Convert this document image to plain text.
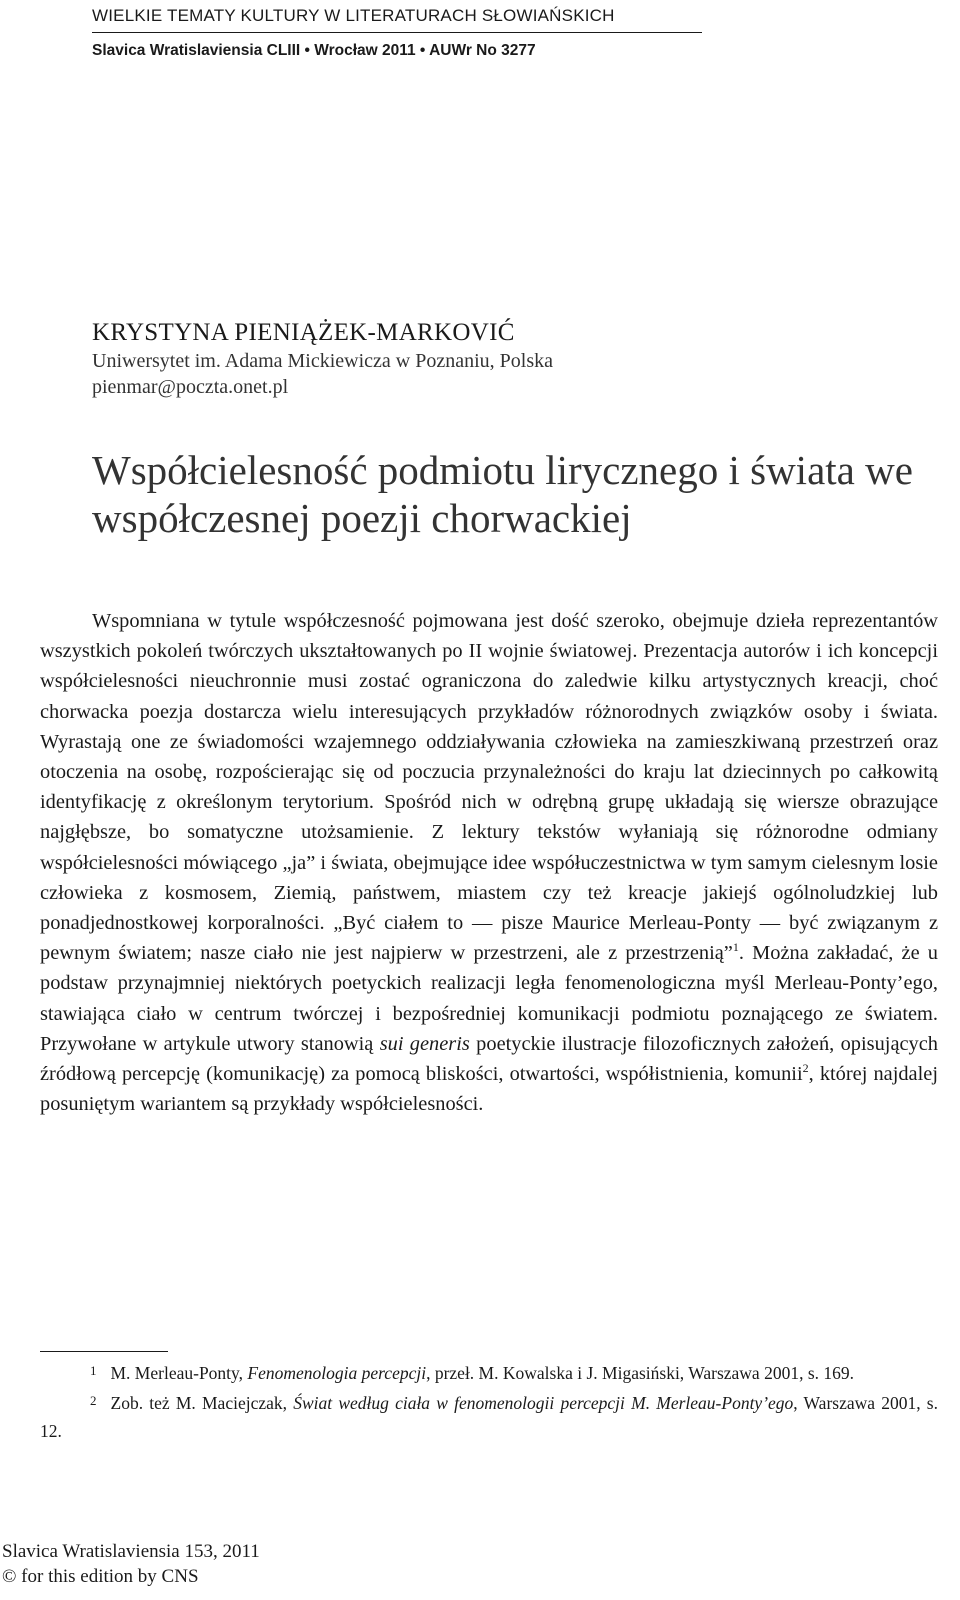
WIELKIE TEMATY KULTURY W LITERATURACH SŁOWIAŃSKICH
Slavica Wratislaviensia CLIII • Wrocław 2011 • AUWr No 3277
KRYSTYNA PIENIĄŻEK-MARKOVIĆ
Uniwersytet im. Adama Mickiewicza w Poznaniu, Polska
pienmar@poczta.onet.pl
Współcielesność podmiotu lirycznego i świata we współczesnej poezji chorwackiej

Wspomniana w tytule współczesność pojmowana jest dość szeroko, obejmuje dzieła reprezentantów wszystkich pokoleń twórczych ukształtowanych po II wojnie światowej. Prezentacja autorów i ich koncepcji współcielesności nieuchronnie musi zostać ograniczona do zaledwie kilku artystycznych kreacji, choć chorwacka poezja dostarcza wielu interesujących przykładów różnorodnych związków osoby i świata. Wyrastają one ze świadomości wzajemnego oddziaływania człowieka na zamieszkiwaną przestrzeń oraz otoczenia na osobę, rozpościerając się od poczucia przynależności do kraju lat dziecinnych po całkowitą identyfikację z określonym terytorium. Spośród nich w odrębną grupę układają się wiersze obrazujące najgłębsze, bo somatyczne utożsamienie. Z lektury tekstów wyłaniają się różnorodne odmiany współcielesności mówiącego „ja” i świata, obejmujące idee współuczestnictwa w tym samym cielesnym losie człowieka z kosmosem, Ziemią, państwem, miastem czy też kreacje jakiejś ogólnoludzkiej lub ponadjednostkowej korporalności. „Być ciałem to — pisze Maurice Merleau-Ponty — być związanym z pewnym światem; nasze ciało nie jest najpierw w przestrzeni, ale z przestrzenią”$^1$. Można zakładać, że u podstaw przynajmniej niektórych poetyckich realizacji legła fenomenologiczna myśl Merleau-Ponty’ego, stawiająca ciało w centrum twórczej i bezpośredniej komunikacji podmiotu poznającego ze światem. Przywołane w artykule utwory stanowią sui generis poetyckie ilustracje filozoficznych założeń, opisujących źródłową percepcję (komunikację) za pomocą bliskości, otwartości, współistnienia, komunii$^2$, której najdalej posuniętym wariantem są przykłady współcielesności.

$^1$ M. Merleau-Ponty, Fenomenologia percepcji, przeł. M. Kowalska i J. Migasiński, Warszawa 2001, s. 169.

$^2$ Zob. też M. Maciejczak, Świat według ciała w fenomenologii percepcji M. Merleau-Ponty’ego, Warszawa 2001, s. 12.

Slavica Wratislaviensia 153, 2011
© for this edition by CNS
